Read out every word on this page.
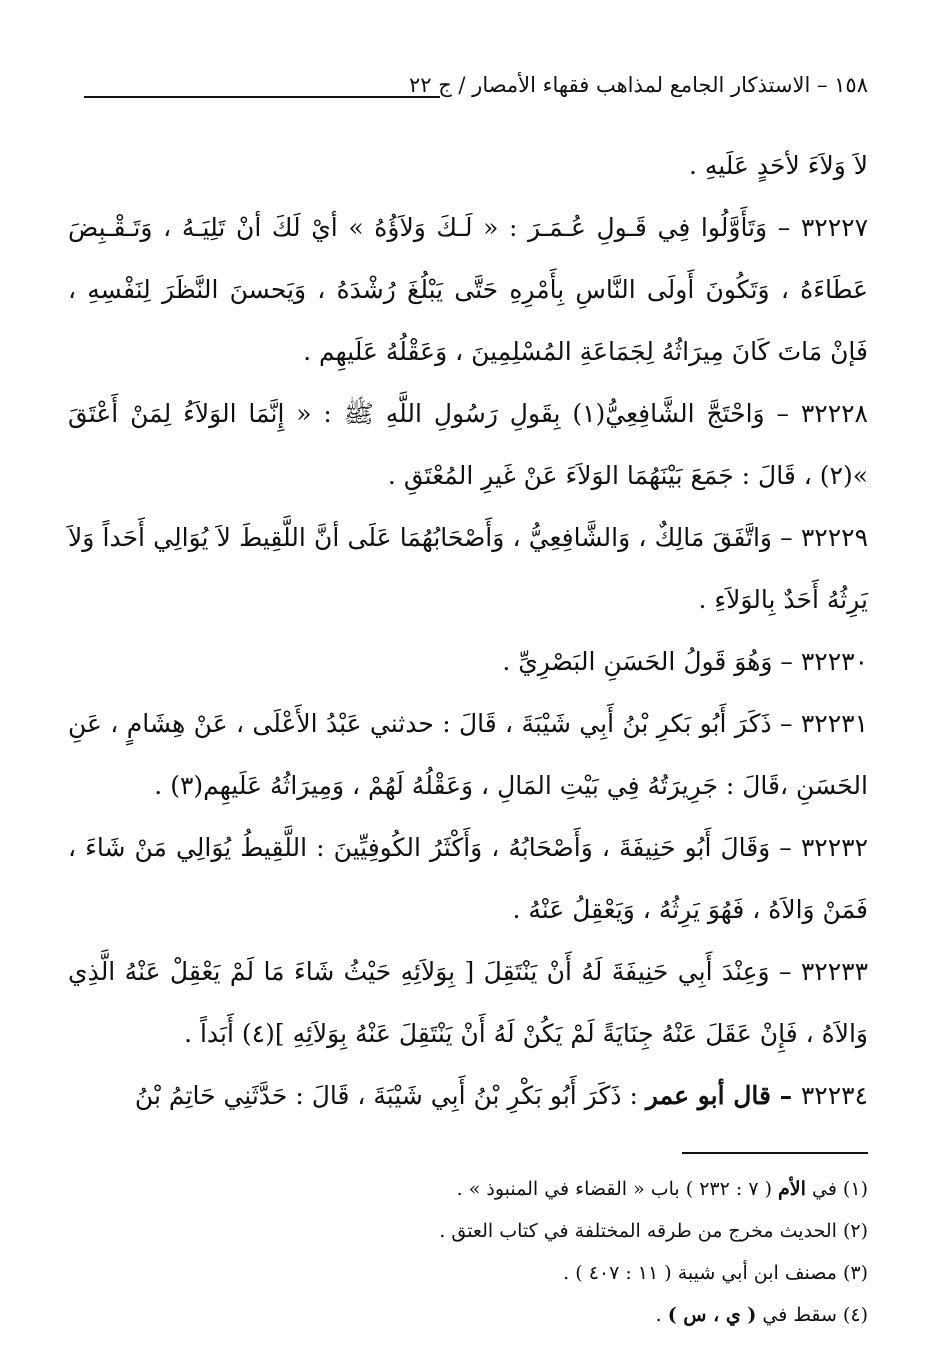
١٥٨ – الاستذكار الجامع لمذاهب فقهاء الأمصار / ج ٢٢

لاَ وَلاَءَ لأحَدٍ عَلَيهِ .

٣٢٢٢٧ – وَتَأَوَّلُوا فِي قَـولِ عُـمَـرَ : « لَـكَ وَلاَؤُهُ » أيْ لَكَ أنْ تَلِيَـهُ ، وَتَـقْـبِضَ عَطَاءَهُ ، وَتَكُونَ أَولَى النَّاسِ بِأَمْرِهِ حَتَّى يَبْلُغَ رُشْدَهُ ، وَيَحسنَ النَّظَرَ لِنَفْسِهِ ، فَإنْ مَاتَ كَانَ مِيرَاثُهُ لِجَمَاعَةِ المُسْلِمِينَ ، وَعَقْلُهُ عَلَيهِم .

٣٢٢٢٨ – وَاحْتَجَّ الشَّافِعِيُّ(١) بِقَولِ رَسُولِ اللَّهِ ﷺ : « إِنَّمَا الوَلاَءُ لِمَنْ أَعْتَقَ »(٢) ، قَالَ : جَمَعَ بَيْنَهُمَا الوَلاَءَ عَنْ غَيرِ المُعْتَقِ .

٣٢٢٢٩ – وَاتَّفَقَ مَالِكٌ ، وَالشَّافِعِيُّ ، وَأَصْحَابُهُمَا عَلَى أنَّ اللَّقِيطَ لاَ يُوَالِي أَحَداً وَلاَ يَرِثُهُ أَحَدٌ بِالوَلاَءِ .

٣٢٢٣٠ – وَهُوَ قَولُ الحَسَنِ البَصْرِيِّ .

٣٢٢٣١ – ذَكَرَ أَبُو بَكرِ بْنُ أَبِي شَيْبَةَ ، قَالَ : حدثني عَبْدُ الأَعْلَى ، عَنْ هِشَامٍ ، عَنِ الحَسَنِ ،قَالَ : جَرِيرَتُهُ فِي بَيْتِ المَالِ ، وَعَقْلُهُ لَهُمْ ، وَمِيرَاثُهُ عَلَيهِم(٣) .

٣٢٢٣٢ – وَقَالَ أَبُو حَنِيفَةَ ، وَأَصْحَابُهُ ، وَأَكْثَرُ الكُوفِيِّينَ : اللَّقِيطُ يُوَالِي مَنْ شَاءَ ، فَمَنْ وَالاَهُ ، فَهُوَ يَرِثُهُ ، وَيَعْقِلُ عَنْهُ .

٣٢٢٣٣ – وَعِنْدَ أَبِي حَنِيفَةَ لَهُ أَنْ يَنْتَقِلَ [ بِوَلاَئِهِ حَيْثُ شَاءَ مَا لَمْ يَعْقِلْ عَنْهُ الَّذِي وَالاَهُ ، فَإِنْ عَقَلَ عَنْهُ جِنَايَةً لَمْ يَكُنْ لَهُ أَنْ يَنْتَقِلَ عَنْهُ بِوَلاَئِهِ ](٤) أَبَداً .

٣٢٢٣٤ – قال أبو عمر : ذَكَرَ أَبُو بَكْرِ بْنُ أَبِي شَيْبَةَ ، قَالَ : حَدَّثَنِي حَاتِمُ بْنُ

(١) في الأم ( ٧ : ٢٣٢ ) باب « القضاء في المنبوذ » .

(٢) الحديث مخرج من طرقه المختلفة في كتاب العتق .

(٣) مصنف ابن أبي شيبة ( ١١ : ٤٠٧ ) .

(٤) سقط في ( ي ، س ) .
